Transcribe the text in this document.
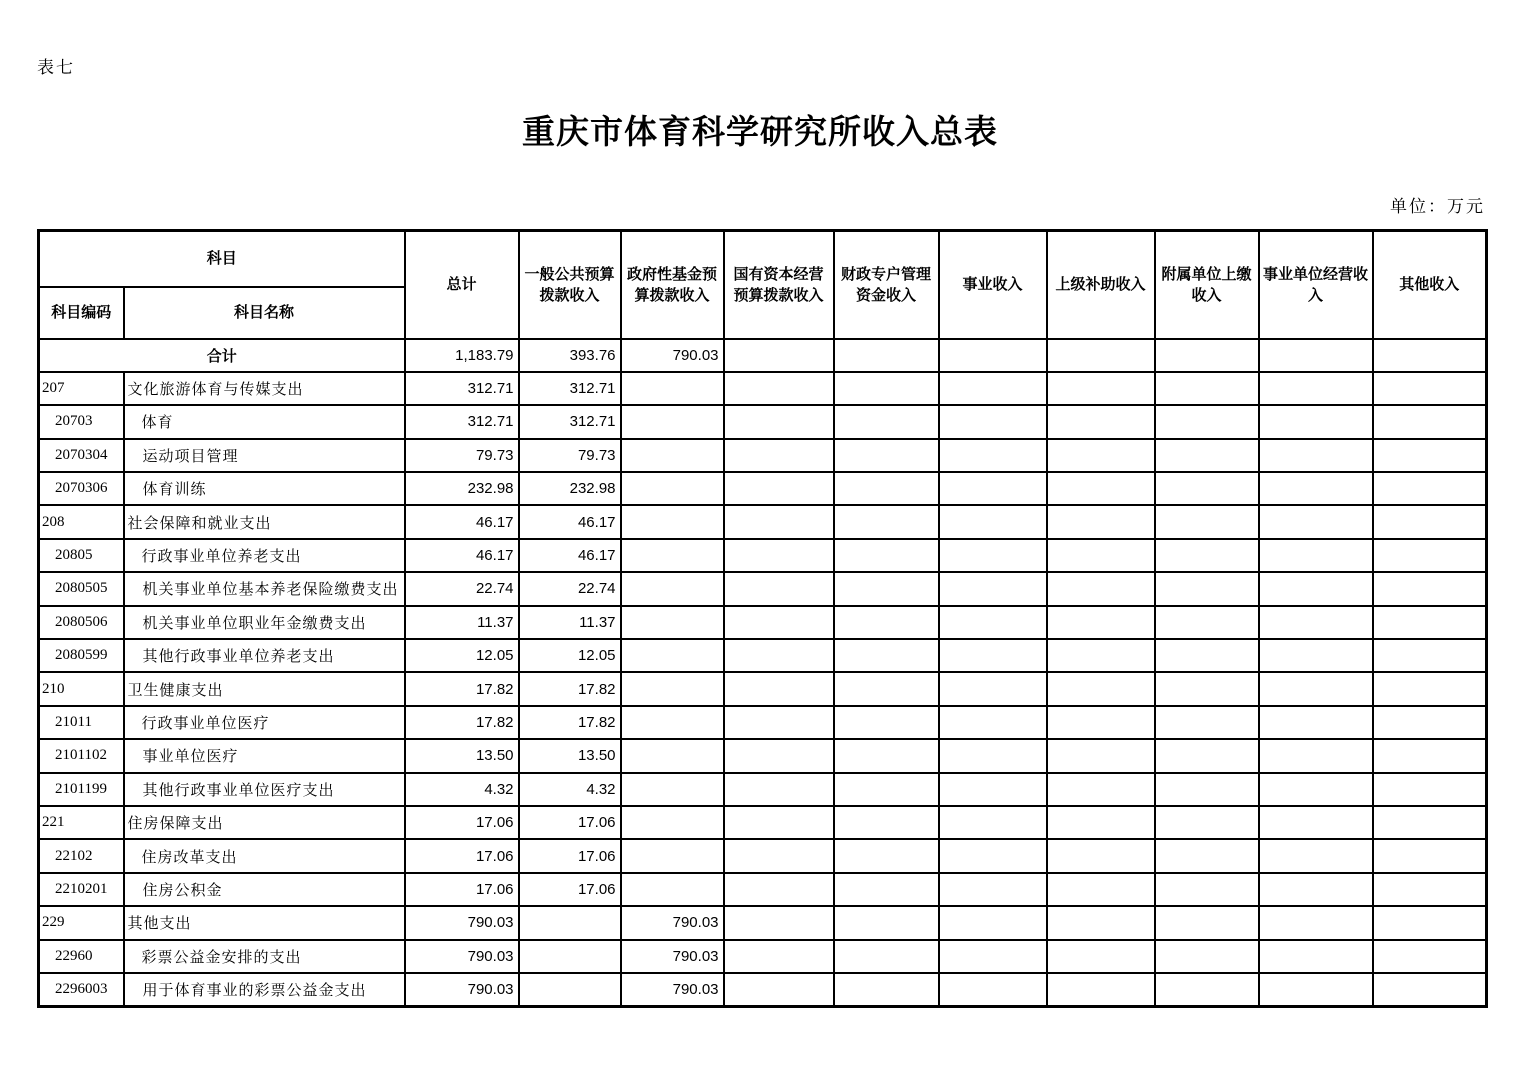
表七
重庆市体育科学研究所收入总表
单位：万元
科目		总计	一般公共预算拨款收入	政府性基金预算拨款收入	国有资本经营预算拨款收入	财政专户管理资金收入	事业收入	上级补助收入	附属单位上缴收入	事业单位经营收入	其他收入
科目编码	科目名称										
合计		1,183.79	393.76	790.03							
207	文化旅游体育与传媒支出	312.71	312.71								
20703	体育	312.71	312.71								
2070304	运动项目管理	79.73	79.73								
2070306	体育训练	232.98	232.98								
208	社会保障和就业支出	46.17	46.17								
20805	行政事业单位养老支出	46.17	46.17								
2080505	机关事业单位基本养老保险缴费支出	22.74	22.74								
2080506	机关事业单位职业年金缴费支出	11.37	11.37								
2080599	其他行政事业单位养老支出	12.05	12.05								
210	卫生健康支出	17.82	17.82								
21011	行政事业单位医疗	17.82	17.82								
2101102	事业单位医疗	13.50	13.50								
2101199	其他行政事业单位医疗支出	4.32	4.32								
221	住房保障支出	17.06	17.06								
22102	住房改革支出	17.06	17.06								
2210201	住房公积金	17.06	17.06								
229	其他支出	790.03		790.03							
22960	彩票公益金安排的支出	790.03		790.03							
2296003	用于体育事业的彩票公益金支出	790.03		790.03							
